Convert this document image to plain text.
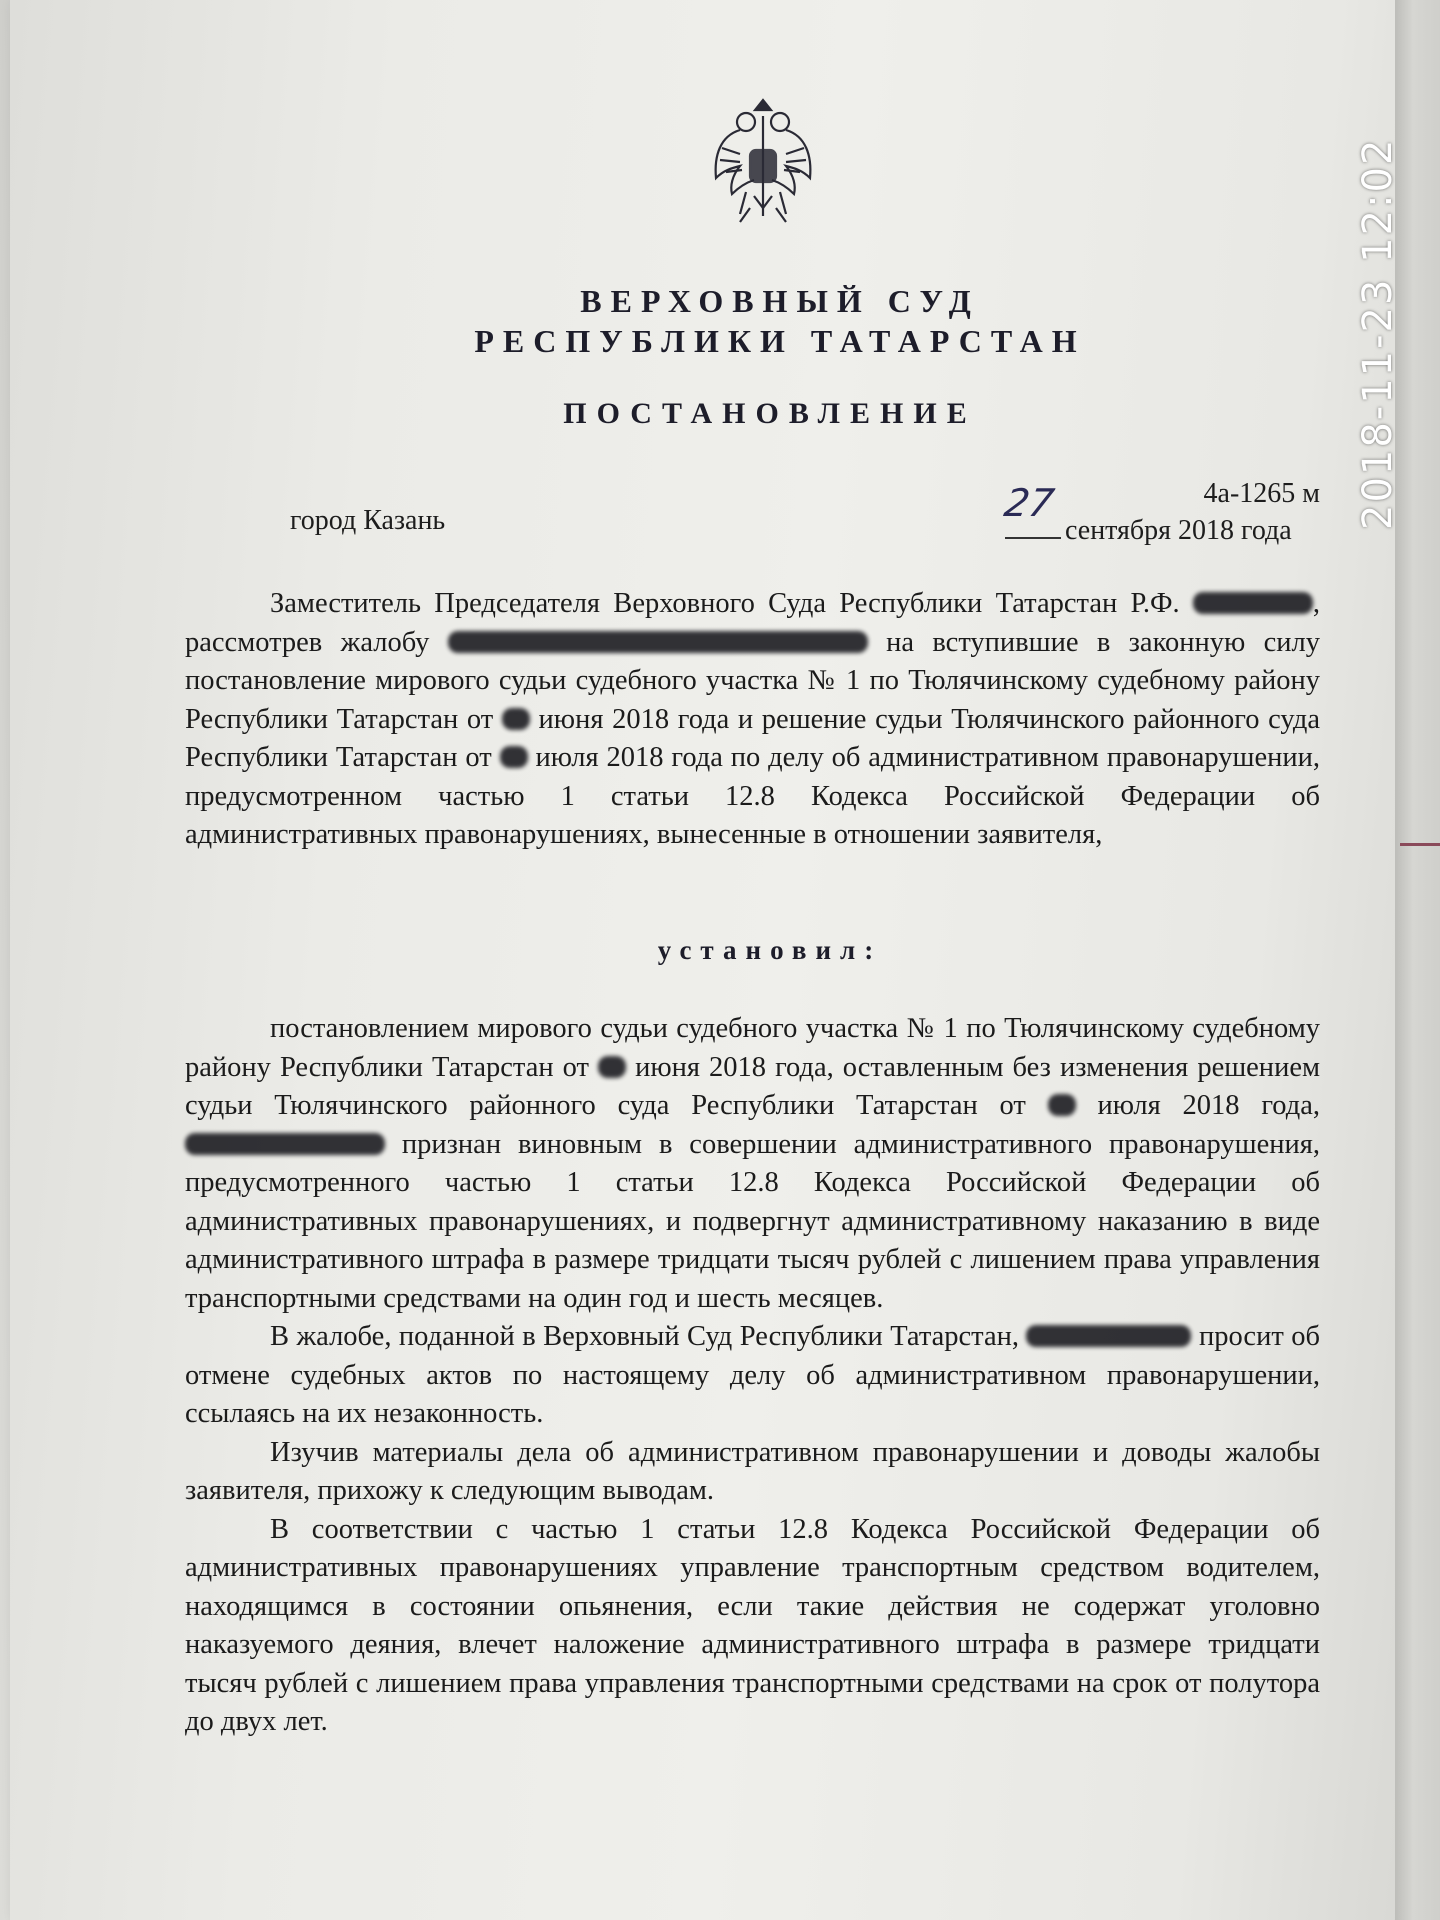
ВЕРХОВНЫЙ СУД
РЕСПУБЛИКИ ТАТАРСТАН
ПОСТАНОВЛЕНИЕ
4а-1265 м
город Казань	27
сентября 2018 года

Заместитель Председателя Верховного Суда Республики Татарстан Р.Ф.	, рассмотрев жалобу	на вступившие в законную силу постановление мирового судьи судебного участка № 1 по Тюлячинскому судебному району Республики Татарстан от июня 2018 года и решение судьи Тюлячинского районного суда Республики Татарстан от июля 2018 года по делу об административном правонарушении, предусмотренном частью 1 статьи 12.8 Кодекса Российской Федерации об административных правонарушениях, вынесенные в отношении заявителя,

установил:

постановлением мирового судьи судебного участка № 1 по Тюлячинскому судебному району Республики Татарстан от июня 2018 года, оставленным без изменения решением судьи Тюлячинского районного суда Республики Татарстан от	июля 2018 года,  признан виновным в совершении административного правонарушения, предусмотренного частью 1 статьи 12.8 Кодекса Российской Федерации об административных правонарушениях, и подвергнут административному наказанию в виде административного штрафа в размере тридцати тысяч рублей с лишением права управления транспортными средствами на один год и шесть месяцев.

В жалобе, поданной в Верховный Суд Республики Татарстан,	просит об отмене судебных актов по настоящему делу об административном правонарушении, ссылаясь на их незаконность.

Изучив материалы дела об административном правонарушении и доводы жалобы заявителя, прихожу к следующим выводам.

В соответствии с частью 1 статьи 12.8 Кодекса Российской Федерации об административных правонарушениях управление транспортным средством водителем, находящимся в состоянии опьянения, если такие действия не содержат уголовно наказуемого деяния, влечет наложение административного штрафа в размере тридцати тысяч рублей с лишением права управления транспортными средствами на срок от полутора до двух лет.
